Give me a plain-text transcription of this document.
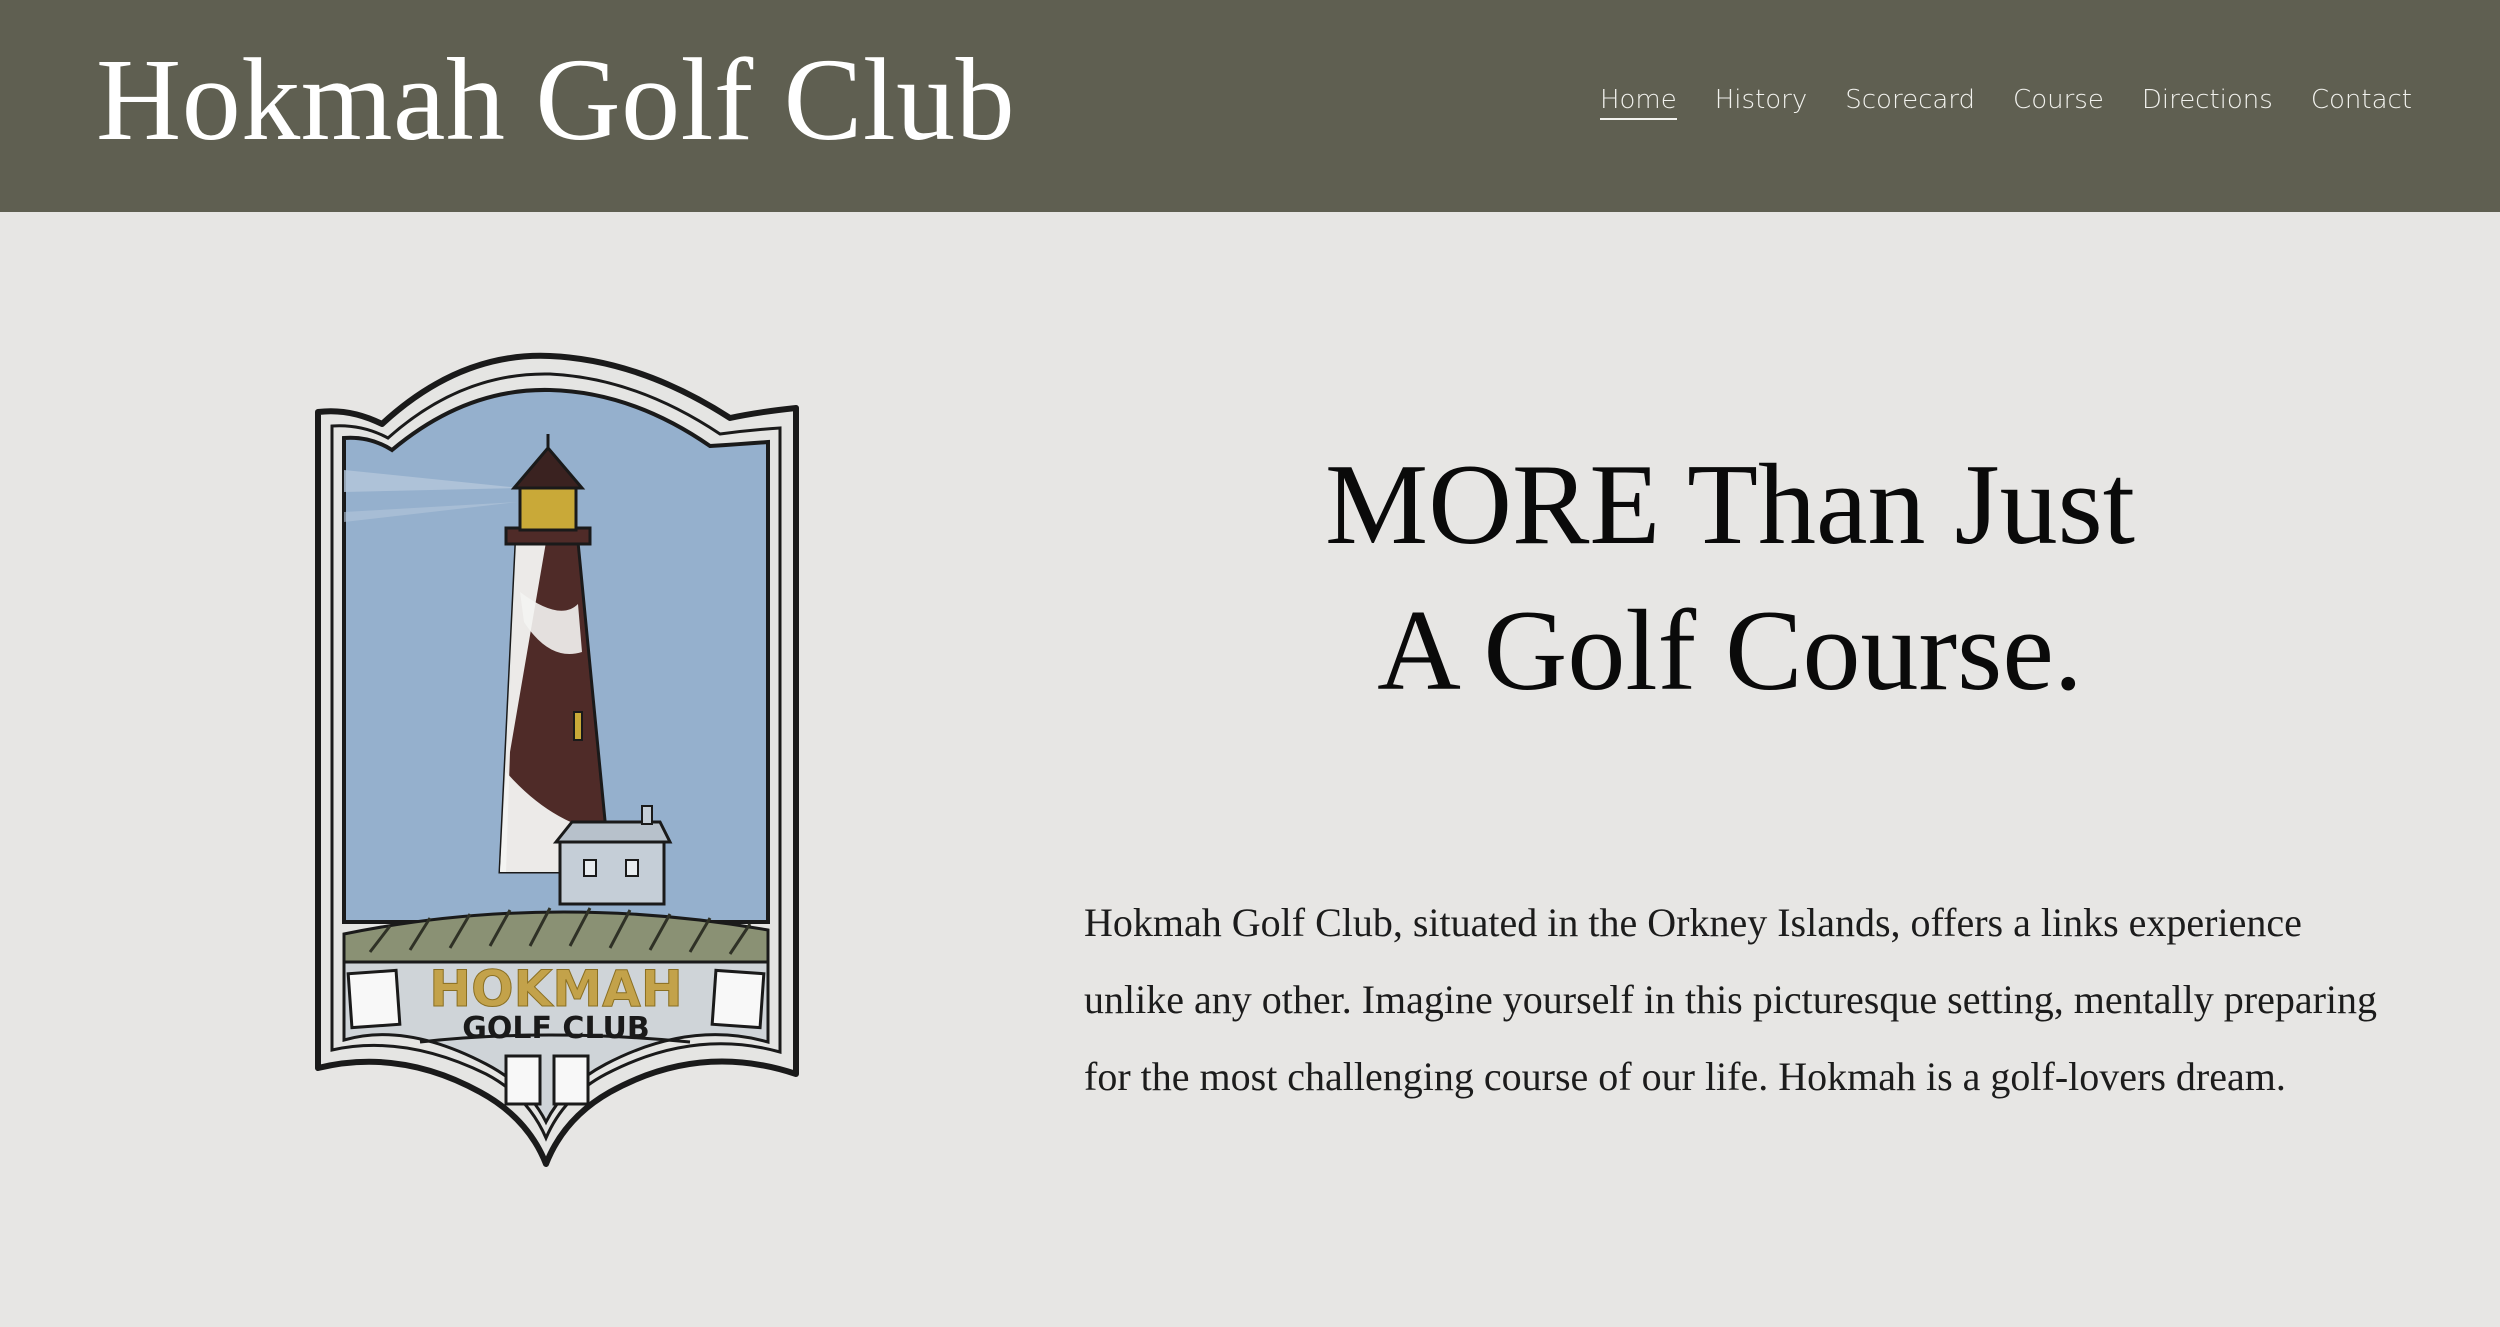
Hokmah Golf Club	Home History Scorecard Course Directions Contact
HOKMAH
GOLF CLUB
MORE Than Just
A Golf Course.

Hokmah Golf Club, situated in the Orkney Islands, offers a links experience unlike any other. Imagine yourself in this picturesque setting, mentally preparing for the most challenging course of our life. Hokmah is a golf-lovers dream.
